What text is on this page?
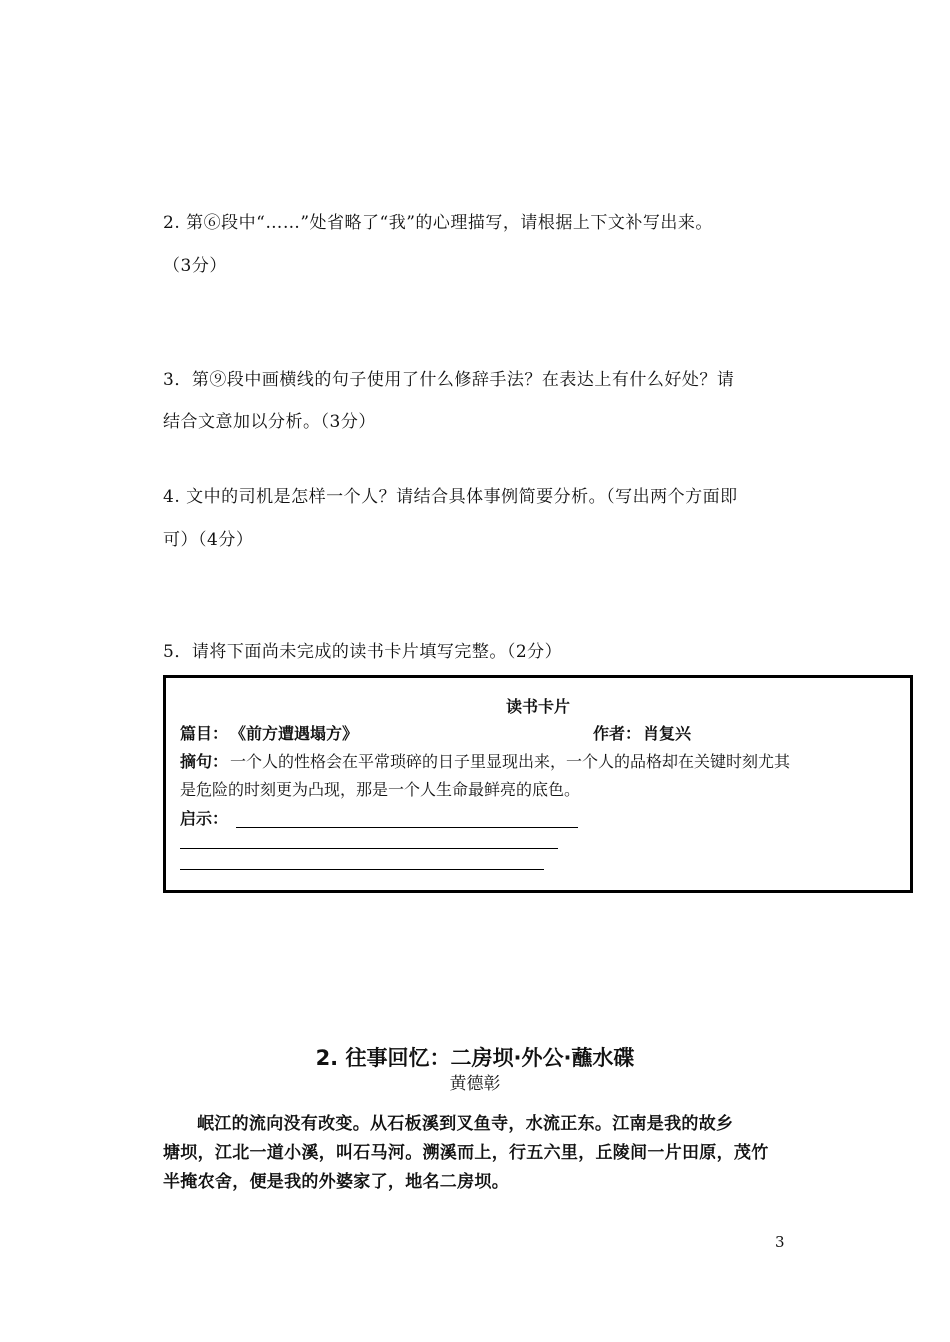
2. 第⑥段中“……”处省略了“我”的心理描写，请根据上下文补写出来。
（3分）
3．第⑨段中画横线的句子使用了什么修辞手法？在表达上有什么好处？请
结合文意加以分析。（3分）
4. 文中的司机是怎样一个人？请结合具体事例简要分析。（写出两个方面即
可）（4分）
5．请将下面尚未完成的读书卡片填写完整。（2分）
读书卡片
篇目： 《前方遭遇塌方》	作者： 肖复兴
摘句： 一个人的性格会在平常琐碎的日子里显现出来，一个人的品格却在关键时刻尤其
是危险的时刻更为凸现，那是一个人生命最鲜亮的底色。
启示：
2. 往事回忆：二房坝·外公·蘸水碟
黄德彰
岷江的流向没有改变。从石板溪到叉鱼寺，水流正东。江南是我的故乡
塘坝，江北一道小溪，叫石马河。溯溪而上，行五六里，丘陵间一片田原，茂竹
半掩农舍，便是我的外婆家了，地名二房坝。
3
